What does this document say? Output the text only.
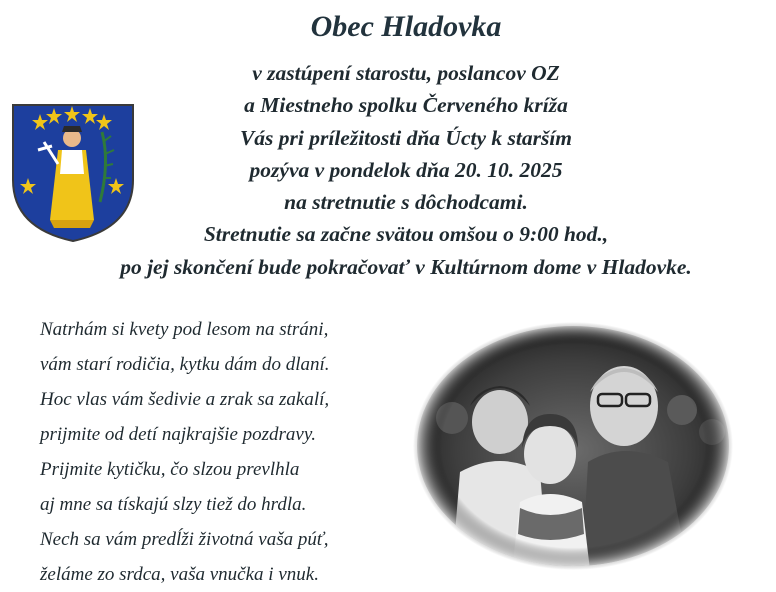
Obec Hladovka
v zastúpení starostu, poslancov OZ
a Miestneho spolku Červeného kríža
Vás pri príležitosti dňa Úcty k starším
pozýva v pondelok dňa 20. 10. 2025
na stretnutie s dôchodcami.
Stretnutie sa začne svätou omšou o 9:00 hod.,
po jej skončení bude pokračovať v Kultúrnom dome v Hladovke.
Natrhám si kvety pod lesom na stráni,
vám starí rodičia, kytku dám do dlaní.
Hoc vlas vám šedivie a zrak sa zakalí,
prijmite od detí najkrajšie pozdravy.
Prijmite kytičku, čo slzou prevlhla
aj mne sa tískajú slzy tiež do hrdla.
Nech sa vám predĺži životná vaša púť,
želáme zo srdca, vaša vnučka i vnuk.
